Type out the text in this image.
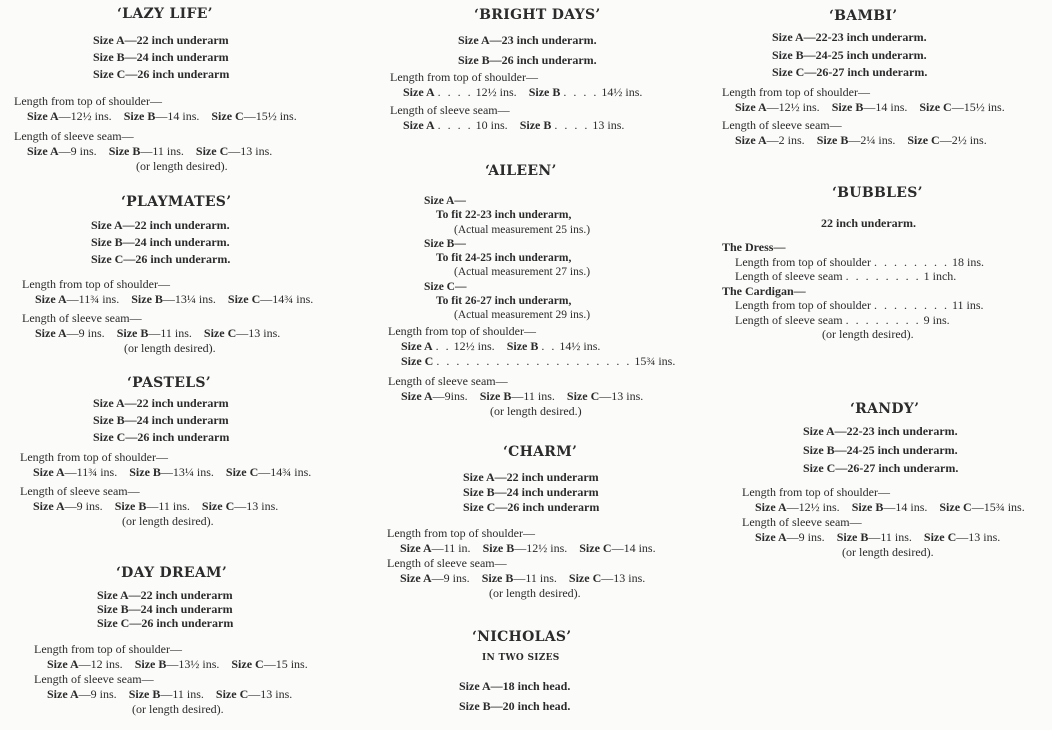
‘LAZY LIFE’
Size A—22 inch underarm
Size B—24 inch underarm
Size C—26 inch underarm
Length from top of shoulder—
Size A—12½ ins. Size B—14 ins. Size C—15½ ins.
Length of sleeve seam—
Size A—9 ins. Size B—11 ins. Size C—13 ins.
(or length desired).
‘PLAYMATES’
Size A—22 inch underarm.
Size B—24 inch underarm.
Size C—26 inch underarm.
Length from top of shoulder—
Size A—11¾ ins. Size B—13¼ ins. Size C—14¾ ins.
Length of sleeve seam—
Size A—9 ins. Size B—11 ins. Size C—13 ins.
(or length desired).
‘PASTELS’
Size A—22 inch underarm
Size B—24 inch underarm
Size C—26 inch underarm
Length from top of shoulder—
Size A—11¾ ins. Size B—13¼ ins. Size C—14¾ ins.
Length of sleeve seam—
Size A—9 ins. Size B—11 ins. Size C—13 ins.
(or length desired).
‘DAY DREAM’
Size A—22 inch underarm
Size B—24 inch underarm
Size C—26 inch underarm
Length from top of shoulder—
Size A—12 ins. Size B—13½ ins. Size C—15 ins.
Length of sleeve seam—
Size A—9 ins. Size B—11 ins. Size C—13 ins.
(or length desired).
‘BRIGHT DAYS’
Size A—23 inch underarm.
Size B—26 inch underarm.
Length from top of shoulder—
Size A . . . . 12½ ins. Size B . . . . 14½ ins.
Length of sleeve seam—
Size A . . . . 10 ins. Size B . . . . 13 ins.
‘AILEEN’
Size A—
To fit 22-23 inch underarm,
(Actual measurement 25 ins.)
Size B—
To fit 24-25 inch underarm,
(Actual measurement 27 ins.)
Size C—
To fit 26-27 inch underarm,
(Actual measurement 29 ins.)
Length from top of shoulder—
Size A . . 12½ ins. Size B . . 14½ ins.
Size C . . . . . . . . . . . . . . . . . . . . 15¾ ins.
Length of sleeve seam—
Size A—9ins. Size B—11 ins. Size C—13 ins.
(or length desired.)
‘CHARM’
Size A—22 inch underarm
Size B—24 inch underarm
Size C—26 inch underarm
Length from top of shoulder—
Size A—11 in. Size B—12½ ins. Size C—14 ins.
Length of sleeve seam—
Size A—9 ins. Size B—11 ins. Size C—13 ins.
(or length desired).
‘NICHOLAS’
IN TWO SIZES
Size A—18 inch head.
Size B—20 inch head.
‘BAMBI’
Size A—22-23 inch underarm.
Size B—24-25 inch underarm.
Size C—26-27 inch underarm.
Length from top of shoulder—
Size A—12½ ins. Size B—14 ins. Size C—15½ ins.
Length of sleeve seam—
Size A—2 ins. Size B—2¼ ins. Size C—2½ ins.
‘BUBBLES’
22 inch underarm.
The Dress—
Length from top of shoulder . . . . . . . . 18 ins.
Length of sleeve seam . . . . . . . . 1 inch.
The Cardigan—
Length from top of shoulder . . . . . . . . 11 ins.
Length of sleeve seam . . . . . . . . 9 ins.
(or length desired).
‘RANDY’
Size A—22-23 inch underarm.
Size B—24-25 inch underarm.
Size C—26-27 inch underarm.
Length from top of shoulder—
Size A—12½ ins. Size B—14 ins. Size C—15¾ ins.
Length of sleeve seam—
Size A—9 ins. Size B—11 ins. Size C—13 ins.
(or length desired).
